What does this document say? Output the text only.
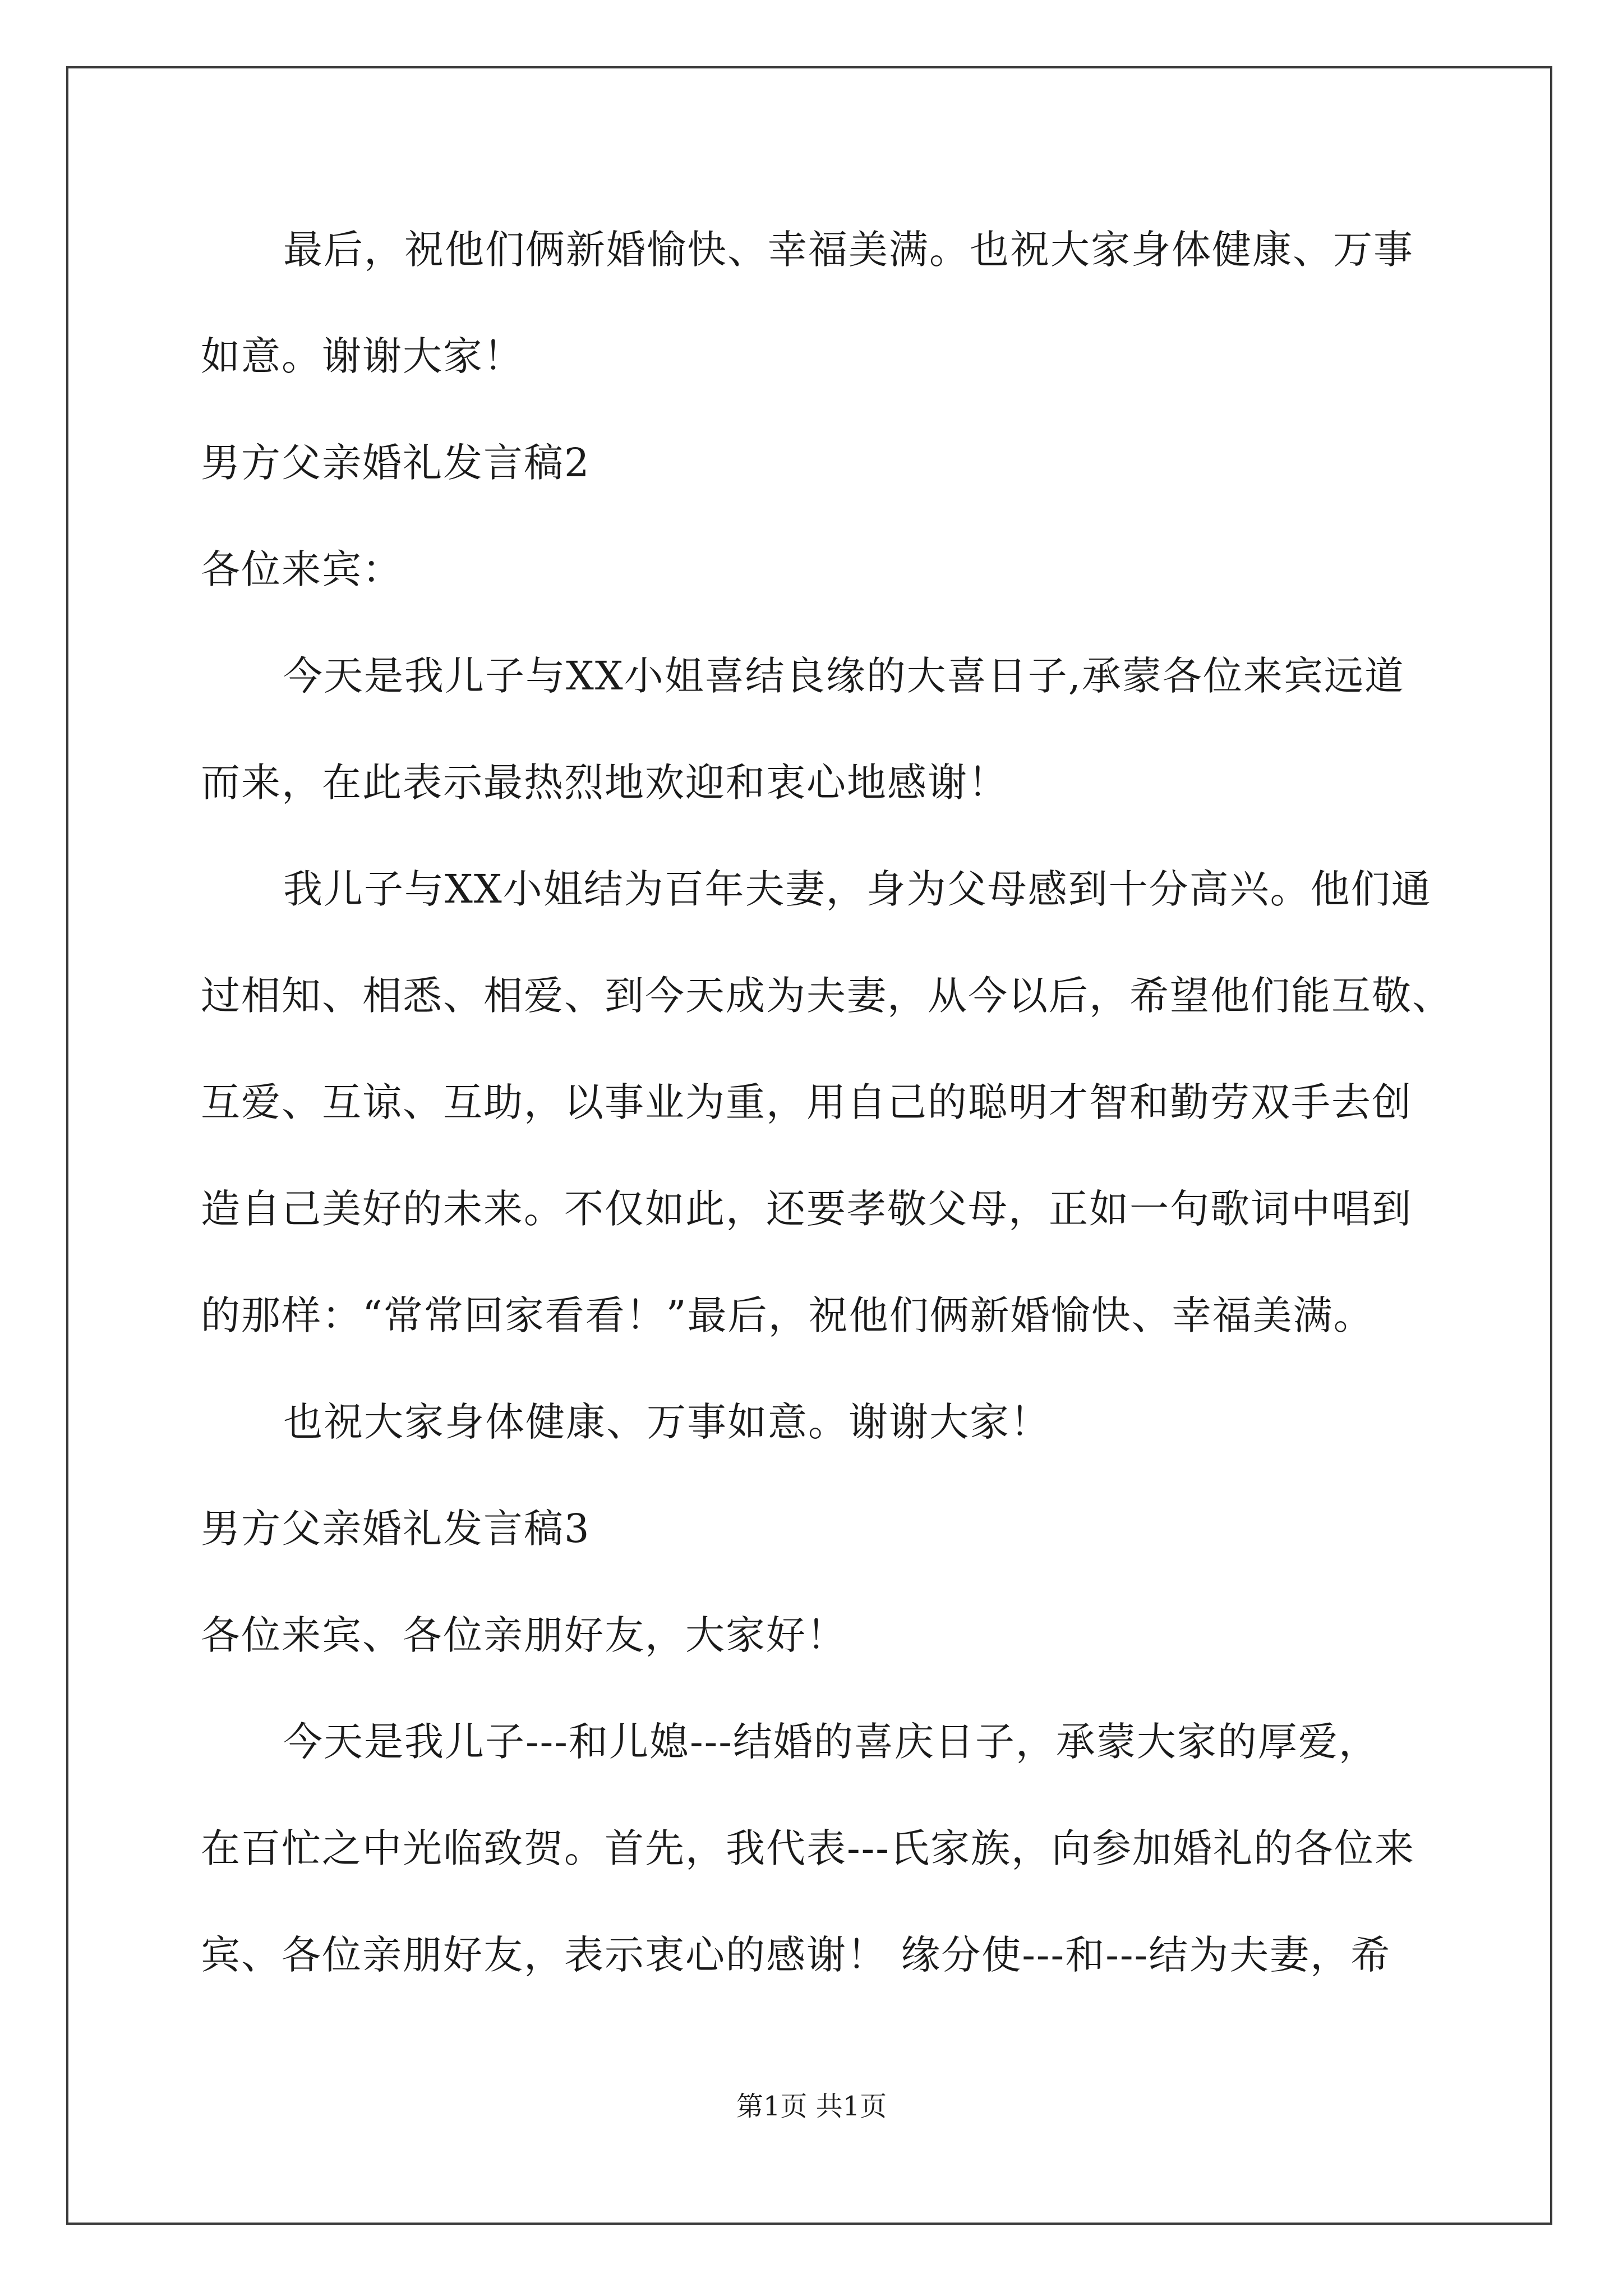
最后，祝他们俩新婚愉快、幸福美满。也祝大家身体健康、万事
如意。谢谢大家！
男方父亲婚礼发言稿2
各位来宾：
今天是我儿子与XX小姐喜结良缘的大喜日子,承蒙各位来宾远道
而来，在此表示最热烈地欢迎和衷心地感谢！
我儿子与XX小姐结为百年夫妻，身为父母感到十分高兴。他们通
过相知、相悉、相爱、到今天成为夫妻，从今以后，希望他们能互敬、
互爱、互谅、互助，以事业为重，用自己的聪明才智和勤劳双手去创
造自己美好的未来。不仅如此，还要孝敬父母，正如一句歌词中唱到
的那样：“常常回家看看！”最后，祝他们俩新婚愉快、幸福美满。
也祝大家身体健康、万事如意。谢谢大家！
男方父亲婚礼发言稿3
各位来宾、各位亲朋好友，大家好！
今天是我儿子---和儿媳---结婚的喜庆日子，承蒙大家的厚爱，
在百忙之中光临致贺。首先，我代表---氏家族，向参加婚礼的各位来
宾、各位亲朋好友，表示衷心的感谢！ 缘分使---和---结为夫妻，希
第1页 共1页
